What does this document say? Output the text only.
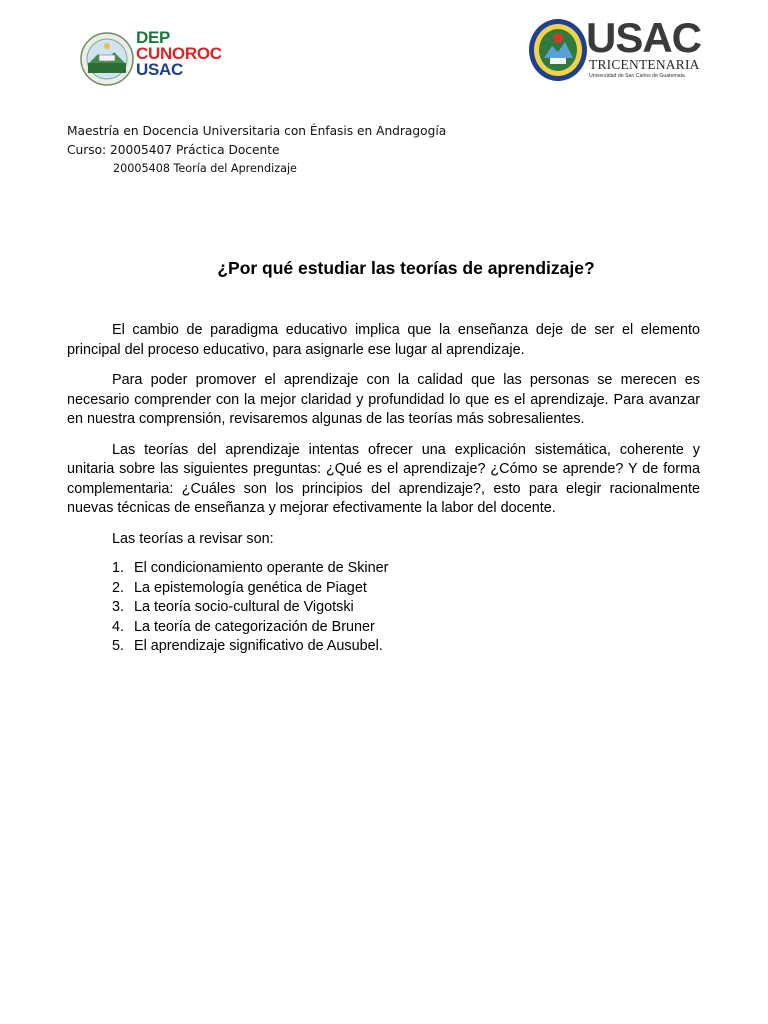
DEP
CUNOROC
USAC
USAC
TRICENTENARIA
Universidad de San Carlos de Guatemala
Maestría en Docencia Universitaria con Énfasis en Andragogía
Curso: 20005407 Práctica Docente
20005408 Teoría del Aprendizaje
¿Por qué estudiar las teorías de aprendizaje?

El cambio de paradigma educativo implica que la enseñanza deje de ser el elemento principal del proceso educativo, para asignarle ese lugar al aprendizaje.

Para poder promover el aprendizaje con la calidad que las personas se merecen es necesario comprender con la mejor claridad y profundidad lo que es el aprendizaje. Para avanzar en nuestra comprensión, revisaremos algunas de las teorías más sobresalientes.

Las teorías del aprendizaje intentas ofrecer una explicación sistemática, coherente y unitaria sobre las siguientes preguntas: ¿Qué es el aprendizaje? ¿Cómo se aprende? Y de forma complementaria: ¿Cuáles son los principios del aprendizaje?, esto para elegir racionalmente nuevas técnicas de enseñanza y mejorar efectivamente la labor del docente.

Las teorías a revisar son:

1. El condicionamiento operante de Skiner
2. La epistemología genética de Piaget
3. La teoría socio-cultural de Vigotski
4. La teoría de categorización de Bruner
5. El aprendizaje significativo de Ausubel.
